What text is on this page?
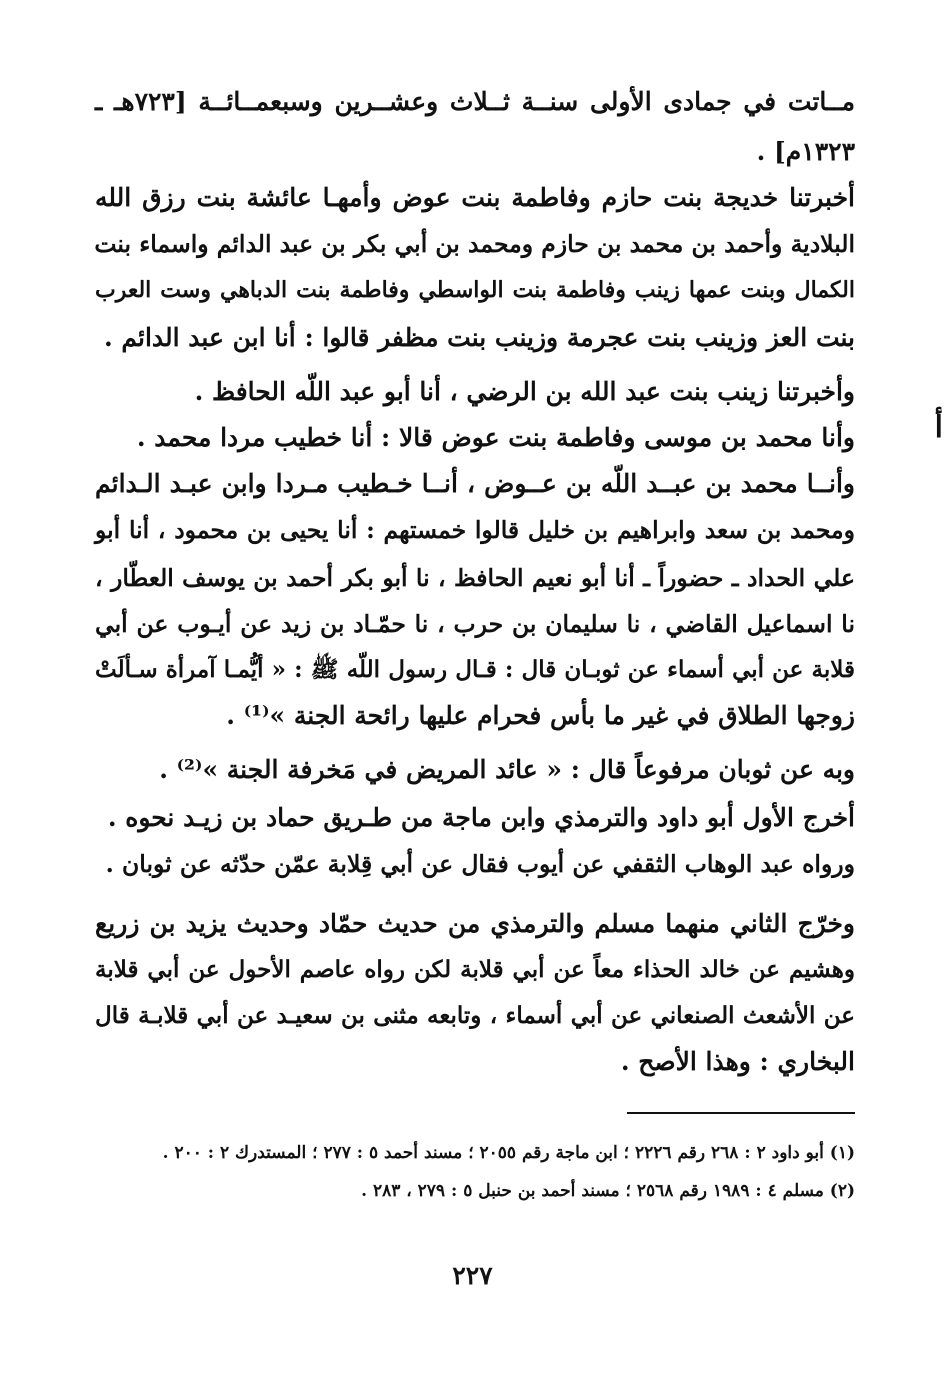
مــاتت في جمادى الأولى سنــة ثــلاث وعشــرين وسبعمــائــة [٧٢٣هـ ـ
١٣٢٣م] .
أخبرتنا خديجة بنت حازم وفاطمة بنت عوض وأمهـا عائشة بنت رزق الله
البلادية وأحمد بن محمد بن حازم ومحمد بن أبي بكر بن عبد الدائم واسماء بنت
الكمال وبنت عمها زينب وفاطمة بنت الواسطي وفاطمة بنت الدباهي وست العرب
بنت العز وزينب بنت عجرمة وزينب بنت مظفر قالوا : أنا ابن عبد الدائم .
وأخبرتنا زينب بنت عبد الله بن الرضي ، أنا أبو عبد اللّه الحافظ .
وأنا محمد بن موسى وفاطمة بنت عوض قالا : أنا خطيب مردا محمد .
وأنــا محمد بن عبــد اللّه بن عــوض ، أنــا خـطيب مـردا وابن عبـد الـدائم
ومحمد بن سعد وابراهيم بن خليل قالوا خمستهم : أنا يحيى بن محمود ، أنا أبو
علي الحداد ـ حضوراً ـ أنا أبو نعيم الحافظ ، نا أبو بكر أحمد بن يوسف العطّار ،
نا اسماعيل القاضي ، نا سليمان بن حرب ، نا حمّـاد بن زيد عن أيـوب عن أبي
قلابة عن أبي أسماء عن ثوبـان قال : قـال رسول اللّه ﷺ : « أيُّمـا آمرأة سـألَتْ
زوجها الطلاق في غير ما بأس فحرام عليها رائحة الجنة »⁽¹⁾ .
وبه عن ثوبان مرفوعاً قال : « عائد المريض في مَخرفة الجنة »⁽²⁾ .
أخرج الأول أبو داود والترمذي وابن ماجة من طـريق حماد بن زيـد نحوه .
ورواه عبد الوهاب الثقفي عن أيوب فقال عن أبي قِلابة عمّن حدّثه عن ثوبان .
وخرّج الثاني منهما مسلم والترمذي من حديث حمّاد وحديث يزيد بن زريع
وهشيم عن خالد الحذاء معاً عن أبي قلابة لكن رواه عاصم الأحول عن أبي قلابة
عن الأشعث الصنعاني عن أبي أسماء ، وتابعه مثنى بن سعيـد عن أبي قلابـة قال
البخاري : وهذا الأصح .
(١) أبو داود ٢ : ٢٦٨ رقم ٢٢٢٦ ؛ ابن ماجة رقم ٢٠٥٥ ؛ مسند أحمد ٥ : ٢٧٧ ؛ المستدرك ٢ : ٢٠٠ .
(٢) مسلم ٤ : ١٩٨٩ رقم ٢٥٦٨ ؛ مسند أحمد بن حنبل ٥ : ٢٧٩ ، ٢٨٣ .
٢٢٧
أ
